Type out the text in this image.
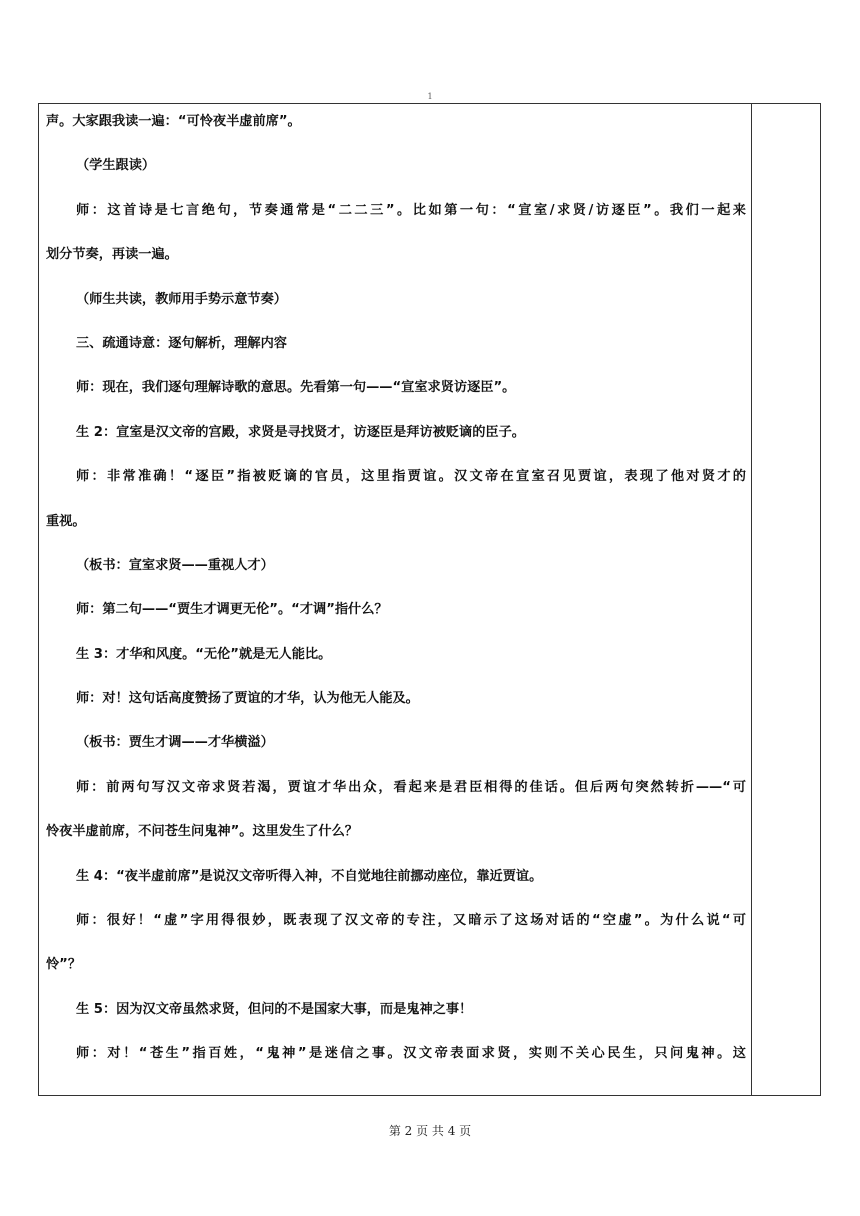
1

声。大家跟我读一遍：“可怜夜半虚前席”。

（学生跟读）

师：这首诗是七言绝句，节奏通常是“二二三”。比如第一句：“宣室/求贤/访逐臣”。我们一起来

划分节奏，再读一遍。

（师生共读，教师用手势示意节奏）

三、疏通诗意：逐句解析，理解内容

师：现在，我们逐句理解诗歌的意思。先看第一句——“宣室求贤访逐臣”。

生 2：宣室是汉文帝的宫殿，求贤是寻找贤才，访逐臣是拜访被贬谪的臣子。

师：非常准确！“逐臣”指被贬谪的官员，这里指贾谊。汉文帝在宣室召见贾谊，表现了他对贤才的

重视。

（板书：宣室求贤——重视人才）

师：第二句——“贾生才调更无伦”。“才调”指什么？

生 3：才华和风度。“无伦”就是无人能比。

师：对！这句话高度赞扬了贾谊的才华，认为他无人能及。

（板书：贾生才调——才华横溢）

师：前两句写汉文帝求贤若渴，贾谊才华出众，看起来是君臣相得的佳话。但后两句突然转折——“可

怜夜半虚前席，不问苍生问鬼神”。这里发生了什么？

生 4：“夜半虚前席”是说汉文帝听得入神，不自觉地往前挪动座位，靠近贾谊。

师：很好！“虚”字用得很妙，既表现了汉文帝的专注，又暗示了这场对话的“空虚”。为什么说“可

怜”？

生 5：因为汉文帝虽然求贤，但问的不是国家大事，而是鬼神之事！

师：对！“苍生”指百姓，“鬼神”是迷信之事。汉文帝表面求贤，实则不关心民生，只问鬼神。这

第 2 页 共 4 页
